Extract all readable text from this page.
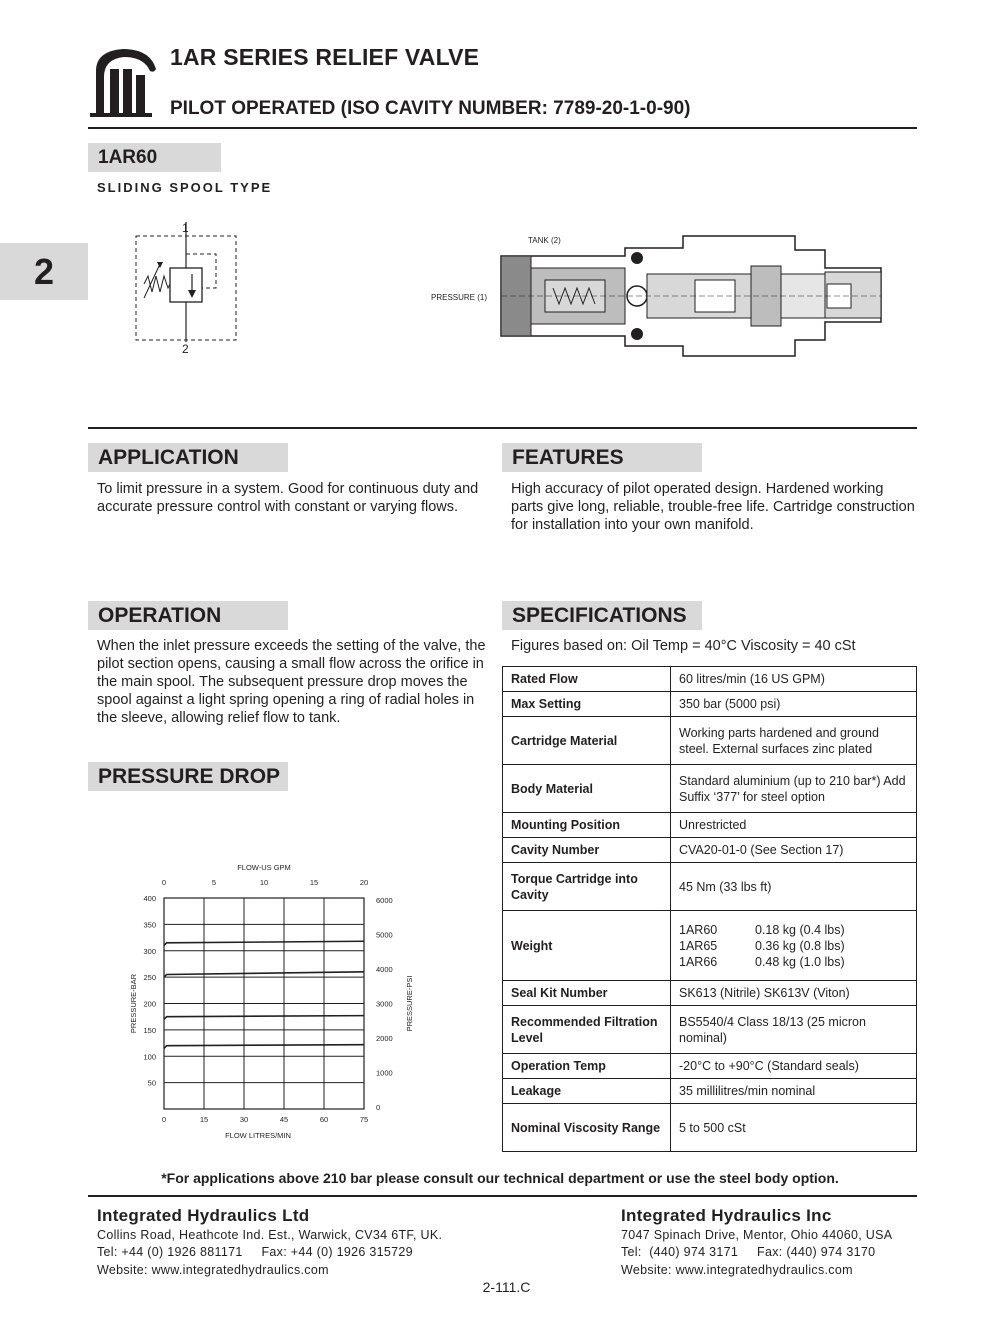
1AR SERIES RELIEF VALVE
PILOT OPERATED (ISO CAVITY NUMBER: 7789-20-1-0-90)
1AR60
SLIDING SPOOL TYPE
2
1
2
TANK (2)
PRESSURE (1)
APPLICATION
To limit pressure in a system. Good for continuous duty and accurate pressure control with constant or varying flows.
FEATURES
High accuracy of pilot operated design. Hardened working parts give long, reliable, trouble-free life. Cartridge construction for installation into your own manifold.
OPERATION
When the inlet pressure exceeds the setting of the valve, the pilot section opens, causing a small flow across the orifice in the main spool. The subsequent pressure drop moves the spool against a light spring opening a ring of radial holes in the sleeve, allowing relief flow to tank.
PRESSURE DROP
0	15	30	45	60	75
0	5	10	15	20
50
100
150
200
250
300
350
400
0
1000
2000
3000
4000
5000
6000
FLOW-US GPM
FLOW LITRES/MIN
PRESSURE-BAR	PRESSURE-PSI
SPECIFICATIONS
Figures based on: Oil Temp = 40°C Viscosity = 40 cSt
Rated Flow	60 litres/min (16 US GPM)
Max Setting	350 bar (5000 psi)
Cartridge Material	Working parts hardened and ground steel. External surfaces zinc plated
Body Material	Standard aluminium (up to 210 bar*) Add Suffix ‘377’ for steel option
Mounting Position	Unrestricted
Cavity Number	CVA20-01-0 (See Section 17)
Torque Cartridge into Cavity	45 Nm (33 lbs ft)
Weight	1AR60 0.18 kg (0.4 lbs)
1AR65 0.36 kg (0.8 lbs)
1AR66 0.48 kg (1.0 lbs)

Seal Kit Number	SK613 (Nitrile) SK613V (Viton)
Recommended Filtration Level	BS5540/4 Class 18/13 (25 micron nominal)
Operation Temp	-20°C to +90°C (Standard seals)
Leakage	35 millilitres/min nominal
Nominal Viscosity Range	5 to 500 cSt
*For applications above 210 bar please consult our technical department or use the steel body option.
Integrated Hydraulics Ltd
Collins Road, Heathcote Ind. Est., Warwick, CV34 6TF, UK.
Tel: +44 (0) 1926 881171     Fax: +44 (0) 1926 315729
Website: www.integratedhydraulics.com
Integrated Hydraulics Inc
7047 Spinach Drive, Mentor, Ohio 44060, USA
Tel:  (440) 974 3171     Fax: (440) 974 3170
Website: www.integratedhydraulics.com
2-111.C
